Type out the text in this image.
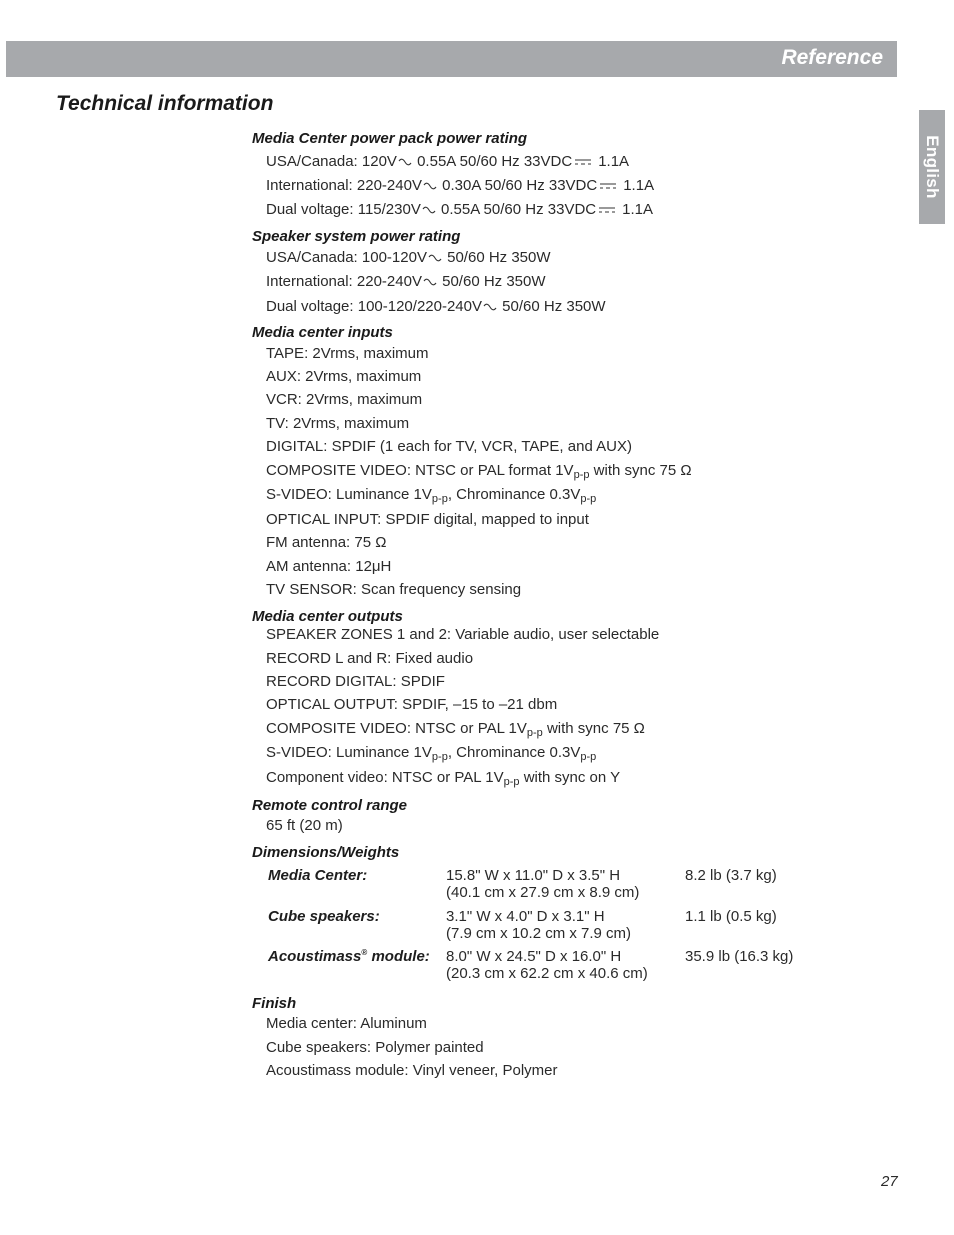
Reference
Technical information
English
Media Center power pack power rating
USA/Canada: 120V 0.55A 50/60 Hz 33VDC 1.1A
International: 220-240V 0.30A 50/60 Hz 33VDC 1.1A
Dual voltage: 115/230V 0.55A 50/60 Hz 33VDC 1.1A
Speaker system power rating
USA/Canada: 100-120V 50/60 Hz 350W
International: 220-240V 50/60 Hz 350W
Dual voltage: 100-120/220-240V 50/60 Hz 350W
Media center inputs
TAPE: 2Vrms, maximum
AUX: 2Vrms, maximum
VCR: 2Vrms, maximum
TV: 2Vrms, maximum
DIGITAL: SPDIF (1 each for TV, VCR, TAPE, and AUX)
COMPOSITE VIDEO: NTSC or PAL format $1V_{p-p}$ with sync 75 Ω
S-VIDEO: Luminance $1V_{p-p}$, Chrominance $0.3V_{p-p}$
OPTICAL INPUT: SPDIF digital, mapped to input
FM antenna: 75 Ω
AM antenna: 12μH
TV SENSOR: Scan frequency sensing
Media center outputs
SPEAKER ZONES 1 and 2: Variable audio, user selectable
RECORD L and R: Fixed audio
RECORD DIGITAL: SPDIF
OPTICAL OUTPUT: SPDIF, –15 to –21 dbm
COMPOSITE VIDEO: NTSC or PAL $1V_{p-p}$ with sync 75 Ω
S-VIDEO: Luminance $1V_{p-p}$, Chrominance $0.3V_{p-p}$
Component video: NTSC or PAL $1V_{p-p}$ with sync on Y
Remote control range
65 ft (20 m)
Dimensions/Weights
Media Center:	15.8" W x 11.0" D x 3.5" H
(40.1 cm x 27.9 cm x 8.9 cm)
8.2 lb (3.7 kg)
Cube speakers:	3.1" W x 4.0" D x 3.1" H
(7.9 cm x 10.2 cm x 7.9 cm)
1.1 lb (0.5 kg)
Acoustimass® module: 8.0" W x 24.5" D x 16.0" H
(20.3 cm x 62.2 cm x 40.6 cm)
35.9 lb (16.3 kg)
Finish
Media center: Aluminum
Cube speakers: Polymer painted
Acoustimass module: Vinyl veneer, Polymer
27
